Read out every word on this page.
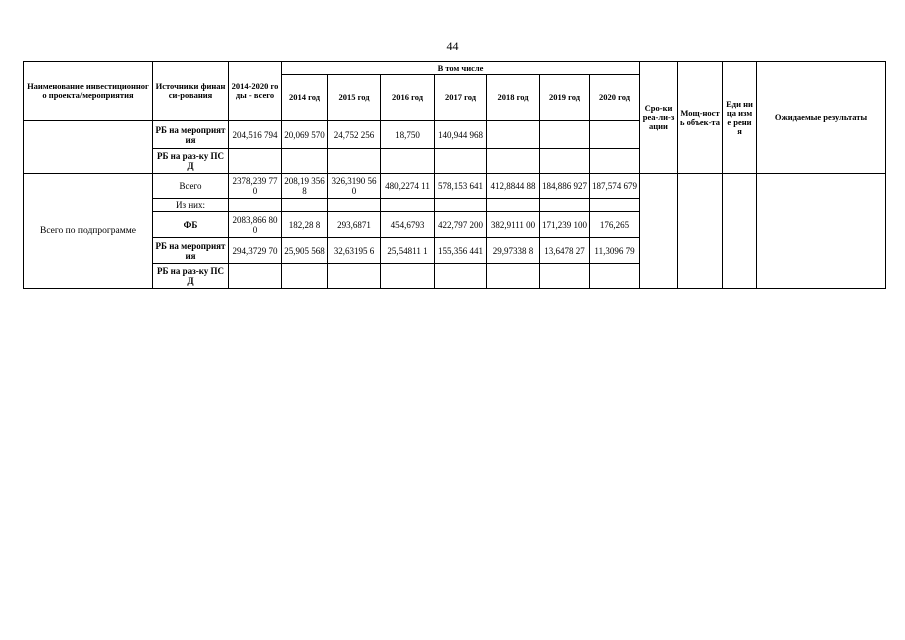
44
Наименование инвестиционного проекта/мероприятия	Источники финанси-рования	2014-2020 годы - всего	В том числе							Сро-ки реа-ли-зации	Мощ-ность объек-та	Еди ница изме рени я	Ожидаемые результаты
			2014 год	2015 год	2016 год	2017 год	2018 год	2019 год	2020 год				
	РБ на мероприятия	204,516 794	20,069 570	24,752 256	18,750	140,944 968							
	РБ на раз-ку ПСД												
Всего по подпрограмме	Всего	2378,239 770	208,19 3568	326,3190 560	480,2274 11	578,153 641	412,8844 88	184,886 927	187,574 679				
	Из них:												
	ФБ	2083,866 800	182,28 8	293,6871	454,6793	422,797 200	382,9111 00	171,239 100	176,265				
	РБ на мероприятия	294,3729 70	25,905 568	32,63195 6	25,54811 1	155,356 441	29,97338 8	13,6478 27	11,3096 79				
	РБ на раз-ку ПСД												
